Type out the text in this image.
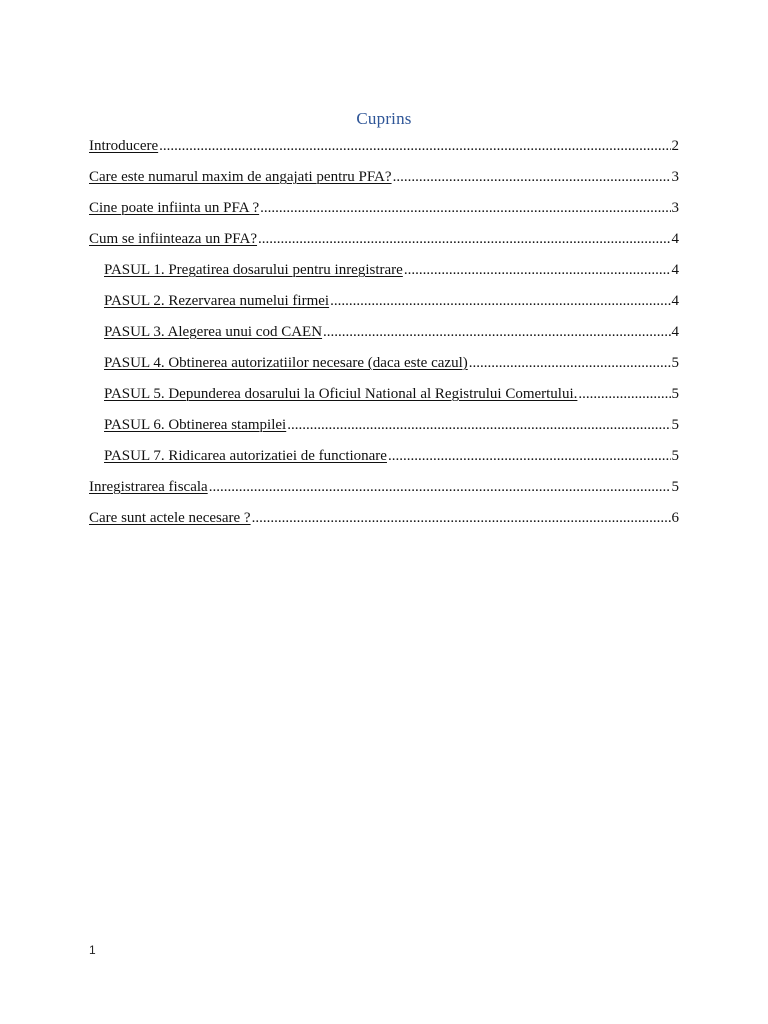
Cuprins
Introducere .....	2
Care este numarul maxim de angajati pentru PFA? .....	3
Cine poate infiinta un PFA ? .....	3
Cum se infiinteaza un PFA? .....	4
PASUL 1. Pregatirea dosarului pentru inregistrare .....	4
PASUL 2. Rezervarea numelui firmei .....	4
PASUL 3. Alegerea unui cod CAEN .....	4
PASUL 4. Obtinerea autorizatiilor necesare (daca este cazul) .....	5
PASUL 5. Depunderea dosarului la Oficiul National al Registrului Comertului. .....	5
PASUL 6. Obtinerea stampilei .....	5
PASUL 7. Ridicarea autorizatiei de functionare .....	5
Inregistrarea fiscala .....	5
Care sunt actele necesare ? .....	6
1
